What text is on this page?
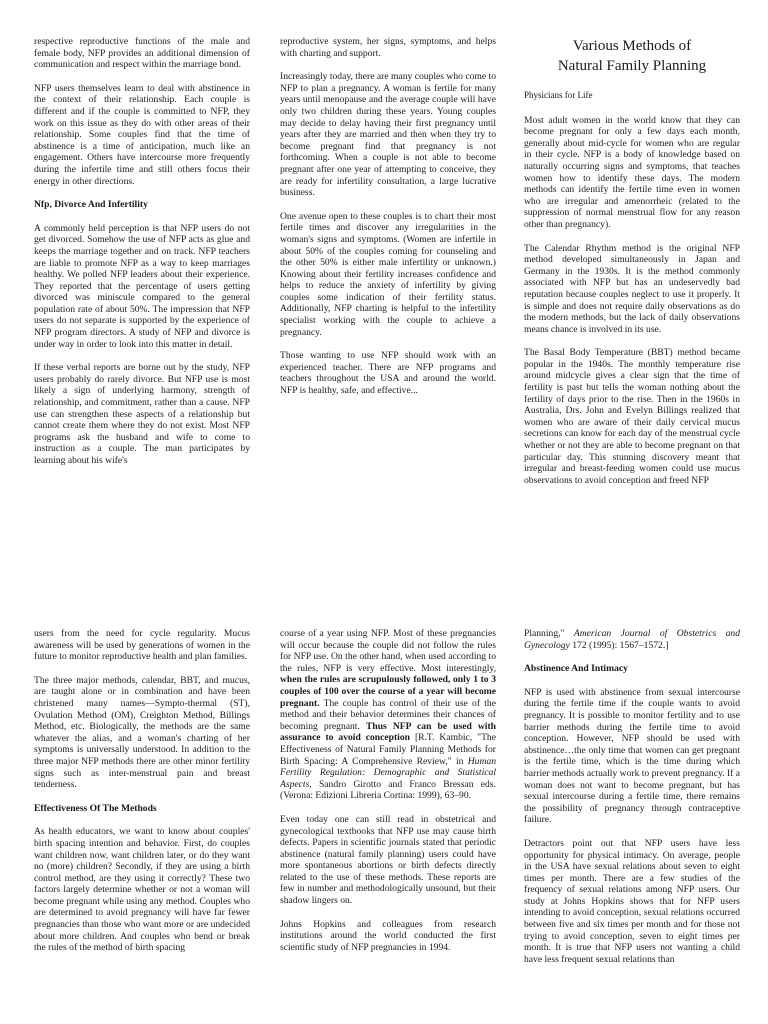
respective reproductive functions of the male and female body, NFP provides an additional dimension of communication and respect within the marriage bond.

NFP users themselves learn to deal with abstinence in the context of their relationship. Each couple is different and if the couple is committed to NFP, they work on this issue as they do with other areas of their relationship. Some couples find that the time of abstinence is a time of anticipation, much like an engagement. Others have intercourse more frequently during the infertile time and still others focus their energy in other directions.

Nfp, Divorce And Infertility

A commonly held perception is that NFP users do not get divorced. Somehow the use of NFP acts as glue and keeps the marriage together and on track. NFP teachers are liable to promote NFP as a way to keep marriages healthy. We polled NFP leaders about their experience. They reported that the percentage of users getting divorced was miniscule compared to the general population rate of about 50%. The impression that NFP users do not separate is supported by the experience of NFP program directors. A study of NFP and divorce is under way in order to look into this matter in detail.

If these verbal reports are borne out by the study, NFP users probably do rarely divorce. But NFP use is most likely a sign of underlying harmony, strength of relationship, and commitment, rather than a cause. NFP use can strengthen these aspects of a relationship but cannot create them where they do not exist. Most NFP programs ask the husband and wife to come to instruction as a couple. The man participates by learning about his wife's

reproductive system, her signs, symptoms, and helps with charting and support.

Increasingly today, there are many couples who come to NFP to plan a pregnancy. A woman is fertile for many years until menopause and the average couple will have only two children during these years. Young couples may decide to delay having their first pregnancy until years after they are married and then when they try to become pregnant find that pregnancy is not forthcoming. When a couple is not able to become pregnant after one year of attempting to conceive, they are ready for infertility consultation, a large lucrative business.

One avenue open to these couples is to chart their most fertile times and discover any irregularities in the woman's signs and symptoms. (Women are infertile in about 50% of the couples coming for counseling and the other 50% is either male infertility or unknown.) Knowing about their fertility increases confidence and helps to reduce the anxiety of infertility by giving couples some indication of their fertility status. Additionally, NFP charting is helpful to the infertility specialist working with the couple to achieve a pregnancy.

Those wanting to use NFP should work with an experienced teacher. There are NFP programs and teachers throughout the USA and around the world. NFP is healthy, safe, and effective...

Various Methods of
Natural Family Planning
Physicians for Life

Most adult women in the world know that they can become pregnant for only a few days each month, generally about mid-cycle for women who are regular in their cycle. NFP is a body of knowledge based on naturally occurring signs and symptoms, that teaches women how to identify these days. The modern methods can identify the fertile time even in women who are irregular and amenorrheic (related to the suppression of normal menstrual flow for any reason other than pregnancy).

The Calendar Rhythm method is the original NFP method developed simultaneously in Japan and Germany in the 1930s. It is the method commonly associated with NFP but has an undeservedly bad reputation because couples neglect to use it properly. It is simple and does not require daily observations as do the modern methods, but the lack of daily observations means chance is involved in its use.

The Basal Body Temperature (BBT) method became popular in the 1940s. The monthly temperature rise around midcycle gives a clear sign that the time of fertility is past but tells the woman nothing about the fertility of days prior to the rise. Then in the 1960s in Australia, Drs. John and Evelyn Billings realized that women who are aware of their daily cervical mucus secretions can know for each day of the menstrual cycle whether or not they are able to become pregnant on that particular day. This stunning discovery meant that irregular and breast-feeding women could use mucus observations to avoid conception and freed NFP

users from the need for cycle regularity. Mucus awareness will be used by generations of women in the future to monitor reproductive health and plan families.

The three major methods, calendar, BBT, and mucus, are taught alone or in combination and have been christened many names—Sympto-thermal (ST), Ovulation Method (OM), Creighton Method, Billings Method, etc. Biologically, the methods are the same whatever the alias, and a woman's charting of her symptoms is universally understood. In addition to the three major NFP methods there are other minor fertility signs such as inter-menstrual pain and breast tenderness.

Effectiveness Of The Methods

As health educators, we want to know about couples' birth spacing intention and behavior. First, do couples want children now, want children later, or do they want no (more) children? Secondly, if they are using a birth control method, are they using it correctly? These two factors largely determine whether or not a woman will become pregnant while using any method. Couples who are determined to avoid pregnancy will have far fewer pregnancies than those who want more or are undecided about more children. And couples who bend or break the rules of the method of birth spacing

course of a year using NFP. Most of these pregnancies will occur because the couple did not follow the rules for NFP use. On the other hand, when used according to the rules, NFP is very effective. Most interestingly, when the rules are scrupulously followed, only 1 to 3 couples of 100 over the course of a year will become pregnant. The couple has control of their use of the method and their behavior determines their chances of becoming pregnant. Thus NFP can be used with assurance to avoid conception [R.T. Kambic, "The Effectiveness of Natural Family Planning Methods for Birth Spacing: A Comprehensive Review," in Human Fertility Regulation: Demographic and Statistical Aspects, Sandro Girotto and Franco Bressan eds. (Verona: Edizioni Libreria Cortina: 1999), 63–90.

Even today one can still read in obstetrical and gynecological textbooks that NFP use may cause birth defects. Papers in scientific journals stated that periodic abstinence (natural family planning) users could have more spontaneous abortions or birth defects directly related to the use of these methods. These reports are few in number and methodologically unsound, but their shadow lingers on.

Johns Hopkins and colleagues from research institutions around the world conducted the first scientific study of NFP pregnancies in 1994.

Planning," American Journal of Obstetrics and Gynecology 172 (1995): 1567–1572.]

Abstinence And Intimacy

NFP is used with abstinence from sexual intercourse during the fertile time if the couple wants to avoid pregnancy. It is possible to monitor fertility and to use barrier methods during the fertile time to avoid conception. However, NFP should be used with abstinence…the only time that women can get pregnant is the fertile time, which is the time during which barrier methods actually work to prevent pregnancy. If a woman does not want to become pregnant, but has sexual intercourse during a fertile time, there remains the possibility of pregnancy through contraceptive failure.

Detractors point out that NFP users have less opportunity for physical intimacy. On average, people in the USA have sexual relations about seven to eight times per month. There are a few studies of the frequency of sexual relations among NFP users. Our study at Johns Hopkins shows that for NFP users intending to avoid conception, sexual relations occurred between five and six times per month and for those not trying to avoid conception, seven to eight times per month. It is true that NFP users not wanting a child have less frequent sexual relations than
